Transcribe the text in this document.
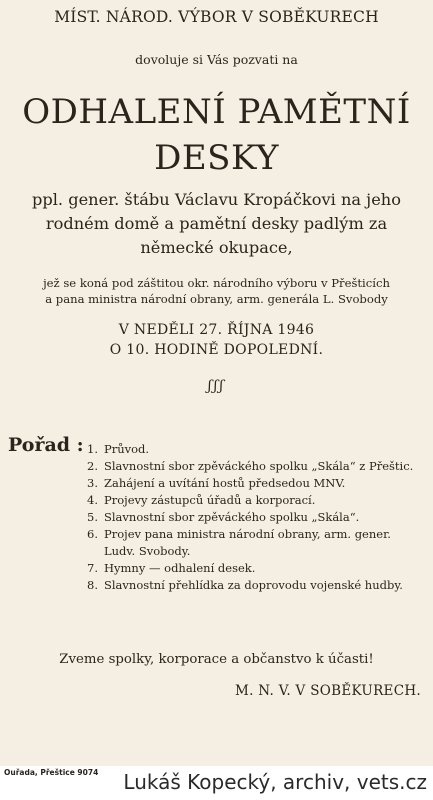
MÍST. NÁROD. VÝBOR V SOBĚKURECH
dovoluje si Vás pozvati na
ODHALENÍ PAMĚTNÍ
DESKY
ppl. gener. štábu Václavu Kropáčkovi na jeho
rodném domě a pamětní desky padlým za
německé okupace,
jež se koná pod záštitou okr. národního výboru v Přešticích
a pana ministra národní obrany, arm. generála L. Svobody
V NEDĚLI 27. ŘÍJNA 1946
O 10. HODINĚ DOPOLEDNÍ.
ʃʃʃ
Pořad : 1. Průvod.
2. Slavnostní sbor zpěváckého spolku „Skála“ z Přeštic.
3. Zahájení a uvítání hostů předsedou MNV.
4. Projevy zástupců úřadů a korporací.
5. Slavnostní sbor zpěváckého spolku „Skála“.
6. Projev pana ministra národní obrany, arm. gener.
Ludv. Svobody.
7. Hymny — odhalení desek.
8. Slavnostní přehlídka za doprovodu vojenské hudby.
Zveme spolky, korporace a občanstvo k účasti!
M. N. V. V SOBĚKURECH.
Ouřada, Přeštice 9074 Lukáš Kopecký, archiv, vets.cz
